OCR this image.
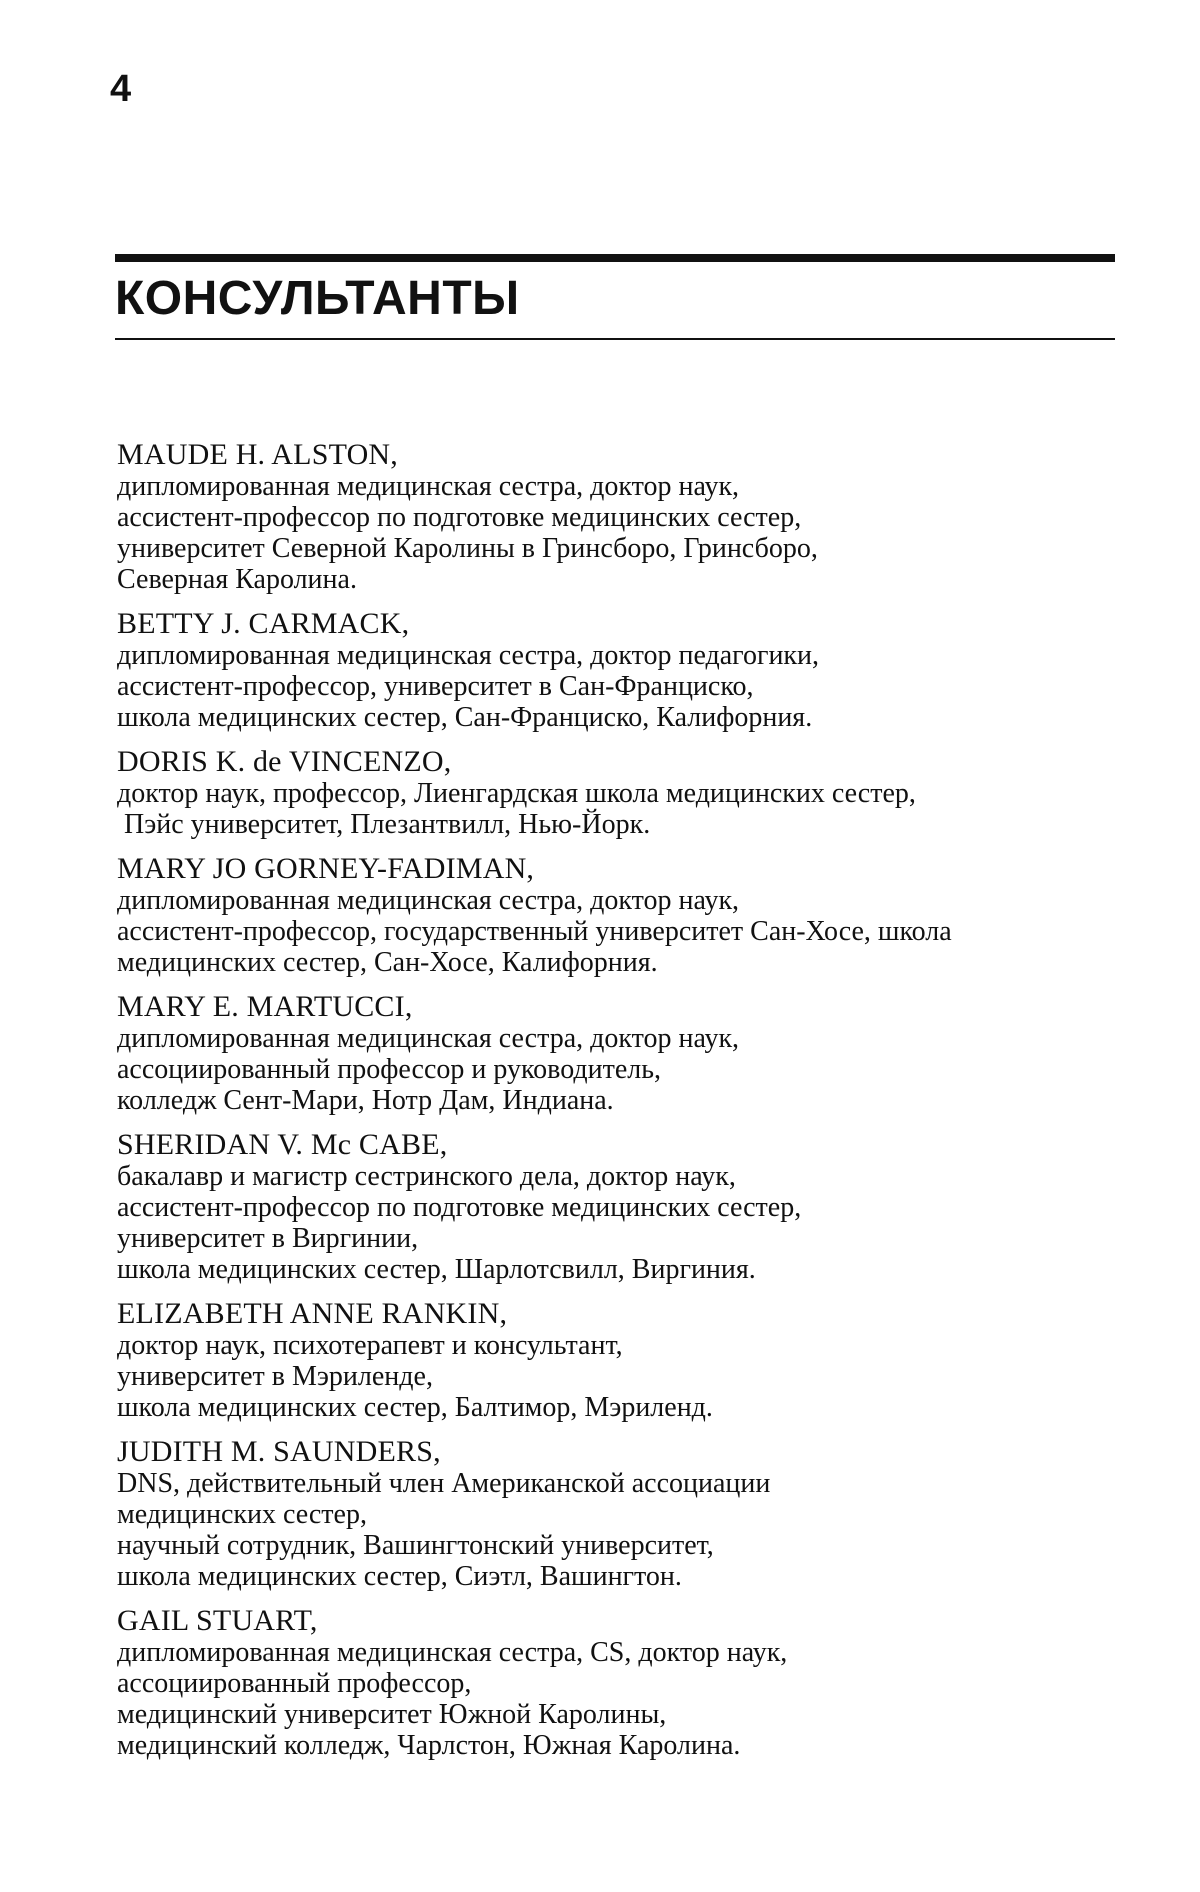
4
КОНСУЛЬТАНТЫ
MAUDE H. ALSTON,
дипломированная медицинская сестра, доктор наук,
ассистент-профессор по подготовке медицинских сестер,
университет Северной Каролины в Гринсборо, Гринсборо,
Северная Каролина.
BETTY J. CARMACK,
дипломированная медицинская сестра, доктор педагогики,
ассистент-профессор, университет в Сан-Франциско,
школа медицинских сестер, Сан-Франциско, Калифорния.
DORIS K. de VINCENZO,
доктор наук, профессор, Лиенгардская школа медицинских сестер,
Пэйс университет, Плезантвилл, Нью-Йорк.
MARY JO GORNEY-FADIMAN,
дипломированная медицинская сестра, доктор наук,
ассистент-профессор, государственный университет Сан-Хосе, школа
медицинских сестер, Сан-Хосе, Калифорния.
MARY E. MARTUCCI,
дипломированная медицинская сестра, доктор наук,
ассоциированный профессор и руководитель,
колледж Сент-Мари, Нотр Дам, Индиана.
SHERIDAN V. Mc CABE,
бакалавр и магистр сестринского дела, доктор наук,
ассистент-профессор по подготовке медицинских сестер,
университет в Виргинии,
школа медицинских сестер, Шарлотсвилл, Виргиния.
ELIZABETH ANNE RANKIN,
доктор наук, психотерапевт и консультант,
университет в Мэриленде,
школа медицинских сестер, Балтимор, Мэриленд.
JUDITH M. SAUNDERS,
DNS, действительный член Американской ассоциации
медицинских сестер,
научный сотрудник, Вашингтонский университет,
школа медицинских сестер, Сиэтл, Вашингтон.
GAIL STUART,
дипломированная медицинская сестра, CS, доктор наук,
ассоциированный профессор,
медицинский университет Южной Каролины,
медицинский колледж, Чарлстон, Южная Каролина.
